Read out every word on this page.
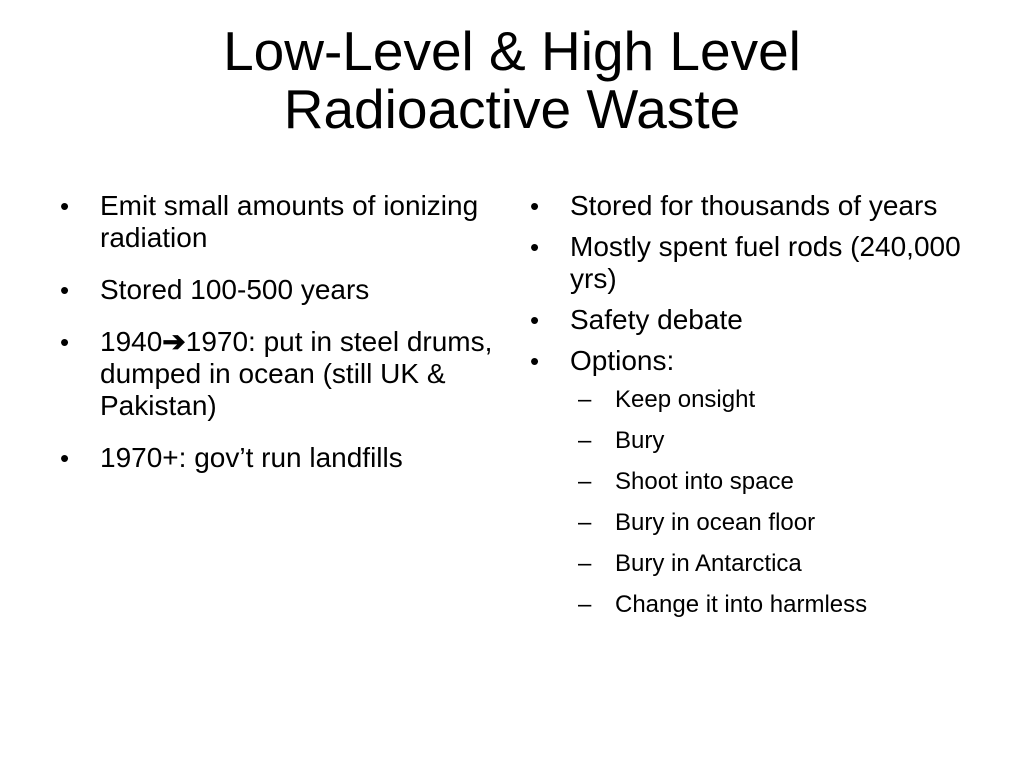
Low-Level & High Level
Radioactive Waste
• Emit small amounts of ionizing radiation
• Stored 100-500 years
• 1940➔1970: put in steel drums, dumped in ocean (still UK & Pakistan)
• 1970+: gov’t run landfills
• Stored for thousands of years
• Mostly spent fuel rods (240,000 yrs)
• Safety debate
• Options:
– Keep onsight
– Bury
– Shoot into space
– Bury in ocean floor
– Bury in Antarctica
– Change it into harmless
